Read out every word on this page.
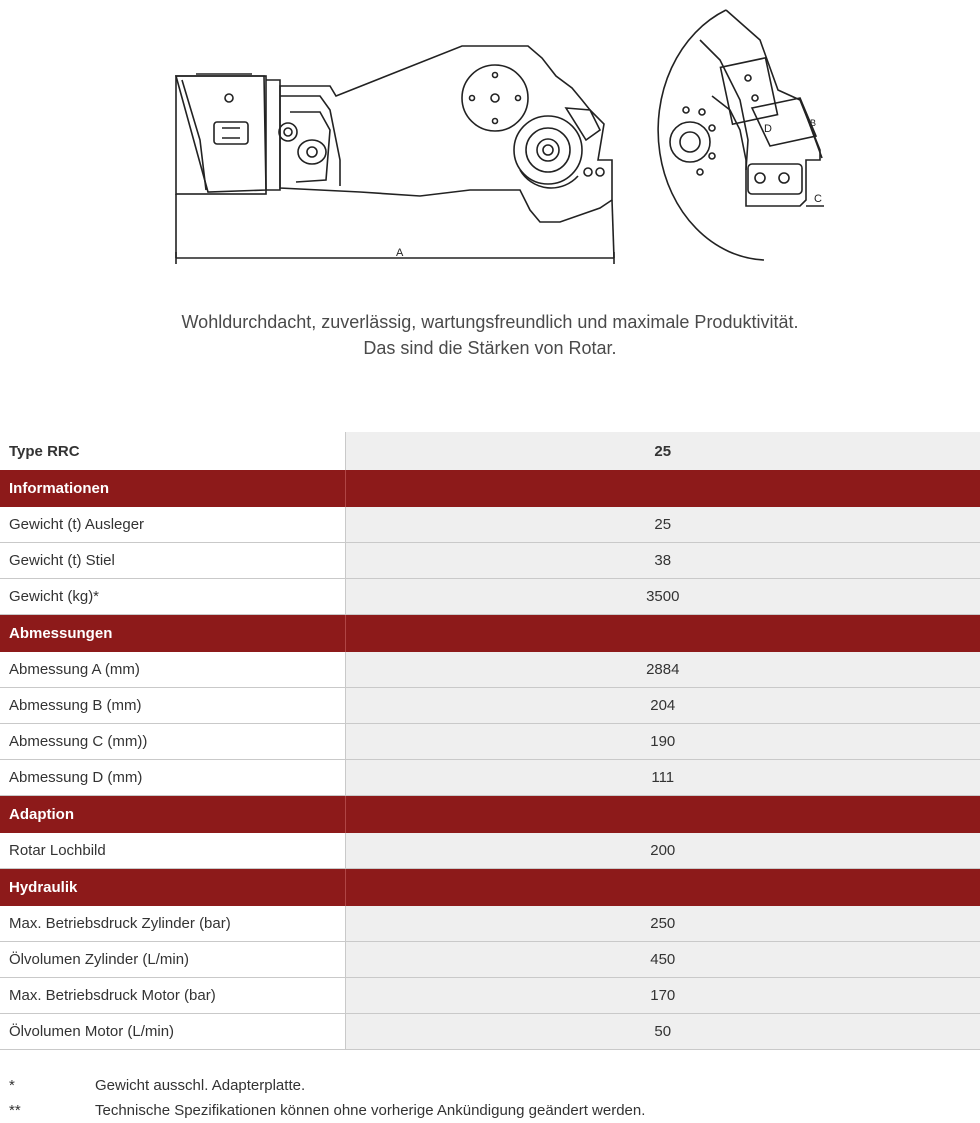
A
D	B
C
Wohldurchdacht, zuverlässig, wartungsfreundlich und maximale Produktivität.
Das sind die Stärken von Rotar.
Type RRC	25
Informationen	
Gewicht (t) Ausleger	25
Gewicht (t) Stiel	38
Gewicht (kg)*	3500
Abmessungen	
Abmessung A (mm)	2884
Abmessung B (mm)	204
Abmessung C (mm))	190
Abmessung D (mm)	111
Adaption	
Rotar Lochbild	200
Hydraulik	
Max. Betriebsdruck Zylinder (bar)	250
Ölvolumen Zylinder (L/min)	450
Max. Betriebsdruck Motor (bar)	170
Ölvolumen Motor (L/min)	50
*	Gewicht ausschl. Adapterplatte.
**	Technische Spezifikationen können ohne vorherige Ankündigung geändert werden.
